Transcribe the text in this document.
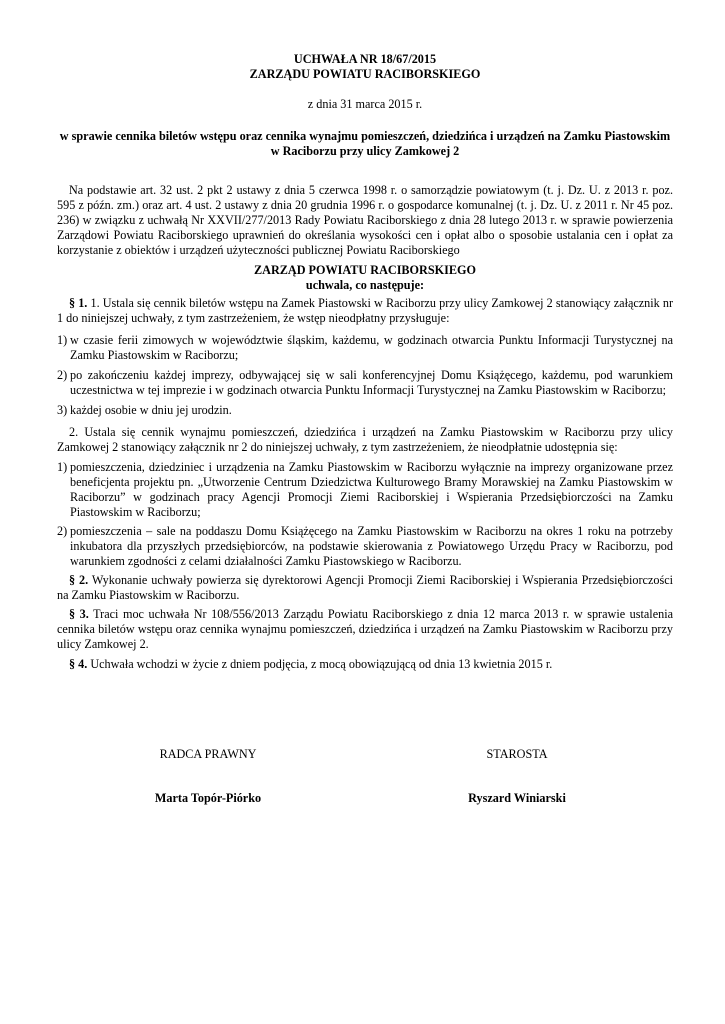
UCHWAŁA NR 18/67/2015
ZARZĄDU POWIATU RACIBORSKIEGO
z dnia 31 marca 2015 r.
w sprawie cennika biletów wstępu oraz cennika wynajmu pomieszczeń, dziedzińca i urządzeń na Zamku Piastowskim w Raciborzu przy ulicy Zamkowej 2

Na podstawie art. 32 ust. 2 pkt 2 ustawy z dnia 5 czerwca 1998 r. o samorządzie powiatowym (t. j. Dz. U. z 2013 r. poz. 595 z późn. zm.) oraz art. 4 ust. 2 ustawy z dnia 20 grudnia 1996 r. o gospodarce komunalnej (t. j. Dz. U. z 2011 r. Nr 45 poz. 236) w związku z uchwałą Nr XXVII/277/2013 Rady Powiatu Raciborskiego z dnia 28 lutego 2013 r. w sprawie powierzenia Zarządowi Powiatu Raciborskiego uprawnień do określania wysokości cen i opłat albo o sposobie ustalania cen i opłat za korzystanie z obiektów i urządzeń użyteczności publicznej Powiatu Raciborskiego

ZARZĄD POWIATU RACIBORSKIEGO
uchwala, co następuje:

§ 1. 1. Ustala się cennik biletów wstępu na Zamek Piastowski w Raciborzu przy ulicy Zamkowej 2 stanowiący załącznik nr 1 do niniejszej uchwały, z tym zastrzeżeniem, że wstęp nieodpłatny przysługuje:

1) w czasie ferii zimowych w województwie śląskim, każdemu, w godzinach otwarcia Punktu Informacji Turystycznej na Zamku Piastowskim w Raciborzu;
2) po zakończeniu każdej imprezy, odbywającej się w sali konferencyjnej Domu Książęcego, każdemu, pod warunkiem uczestnictwa w tej imprezie i w godzinach otwarcia Punktu Informacji Turystycznej na Zamku Piastowskim w Raciborzu;
3) każdej osobie w dniu jej urodzin.

2. Ustala się cennik wynajmu pomieszczeń, dziedzińca i urządzeń na Zamku Piastowskim w Raciborzu przy ulicy Zamkowej 2 stanowiący załącznik nr 2 do niniejszej uchwały, z tym zastrzeżeniem, że nieodpłatnie udostępnia się:

1) pomieszczenia, dziedziniec i urządzenia na Zamku Piastowskim w Raciborzu wyłącznie na imprezy organizowane przez beneficjenta projektu pn. „Utworzenie Centrum Dziedzictwa Kulturowego Bramy Morawskiej na Zamku Piastowskim w Raciborzu” w godzinach pracy Agencji Promocji Ziemi Raciborskiej i Wspierania Przedsiębiorczości na Zamku Piastowskim w Raciborzu;
2) pomieszczenia – sale na poddaszu Domu Książęcego na Zamku Piastowskim w Raciborzu na okres 1 roku na potrzeby inkubatora dla przyszłych przedsiębiorców, na podstawie skierowania z Powiatowego Urzędu Pracy w Raciborzu, pod warunkiem zgodności z celami działalności Zamku Piastowskiego w Raciborzu.

§ 2. Wykonanie uchwały powierza się dyrektorowi Agencji Promocji Ziemi Raciborskiej i Wspierania Przedsiębiorczości na Zamku Piastowskim w Raciborzu.

§ 3. Traci moc uchwała Nr 108/556/2013 Zarządu Powiatu Raciborskiego z dnia 12 marca 2013 r. w sprawie ustalenia cennika biletów wstępu oraz cennika wynajmu pomieszczeń, dziedzińca i urządzeń na Zamku Piastowskim w Raciborzu przy ulicy Zamkowej 2.

§ 4. Uchwała wchodzi w życie z dniem podjęcia, z mocą obowiązującą od dnia 13 kwietnia 2015 r.

RADCA PRAWNY	STAROSTA
Marta Topór-Piórko	Ryszard Winiarski
